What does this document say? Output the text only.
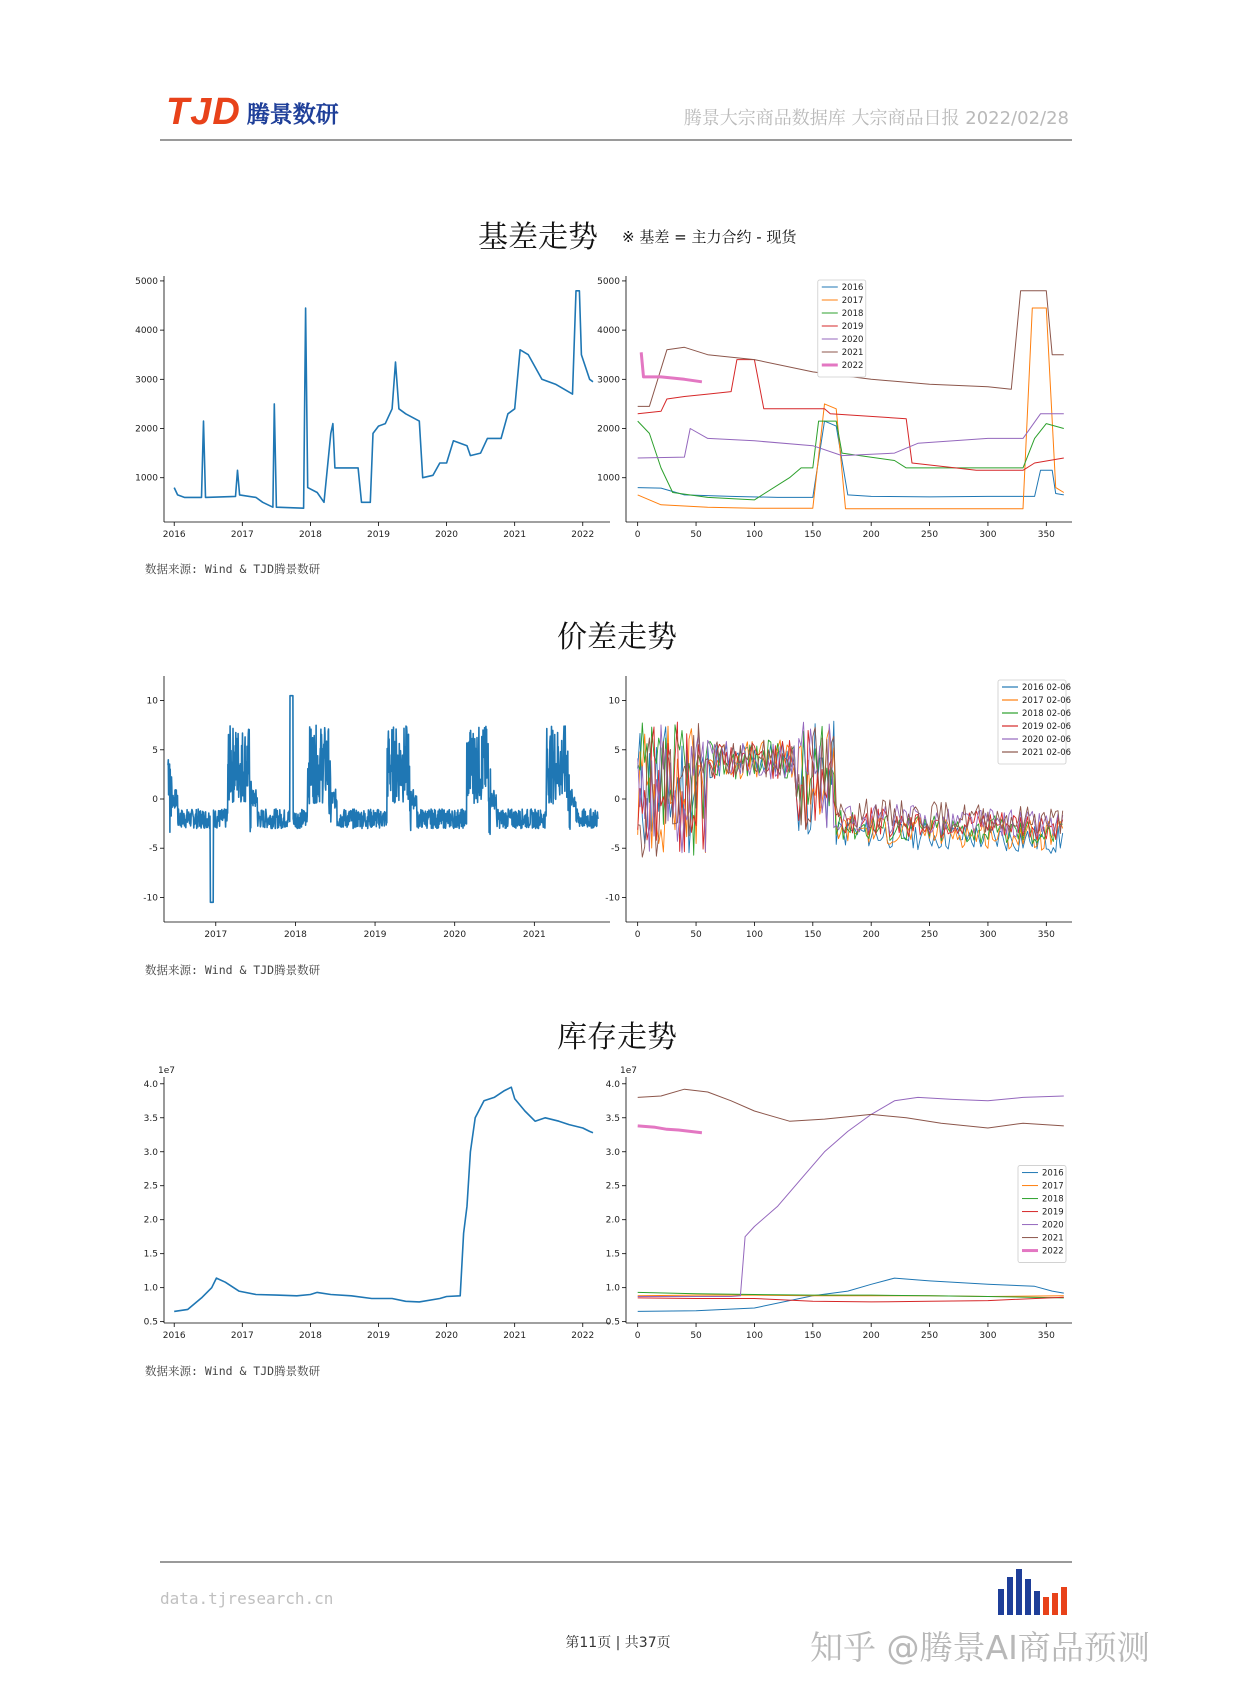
TJD 腾景数研	腾景大宗商品数据库 大宗商品日报 2022/02/28
基差走势 ※ 基差 = 主力合约 - 现货
2016	2017	2018	2019	2020	2021	2022
1000
2000
3000
4000
5000
0	50	100	150	200	250	300	350
1000
2000
3000
4000
5000
2016
2017
2018
2019
2020
2021
2022
数据来源: Wind & TJD腾景数研
价差走势
2017	2018	2019	2020	2021
-10
-5
0
5
10
0	50	100	150	200	250	300	350
-10
-5
0
5
10
2016 02-06
2017 02-06
2018 02-06
2019 02-06
2020 02-06
2021 02-06
数据来源: Wind & TJD腾景数研
库存走势
2016	2017	2018	2019	2020	2021	2022
0.5
1.0
1.5
2.0
2.5
3.0
3.5
4.0
1e7
0	50	100	150	200	250	300	350
0.5
1.0
1.5
2.0
2.5
3.0
3.5
4.0
1e7
2016
2017
2018
2019
2020
2021
2022
数据来源: Wind & TJD腾景数研
data.tjresearch.cn
第11页 | 共37页	知乎 @腾景AI商品预测
